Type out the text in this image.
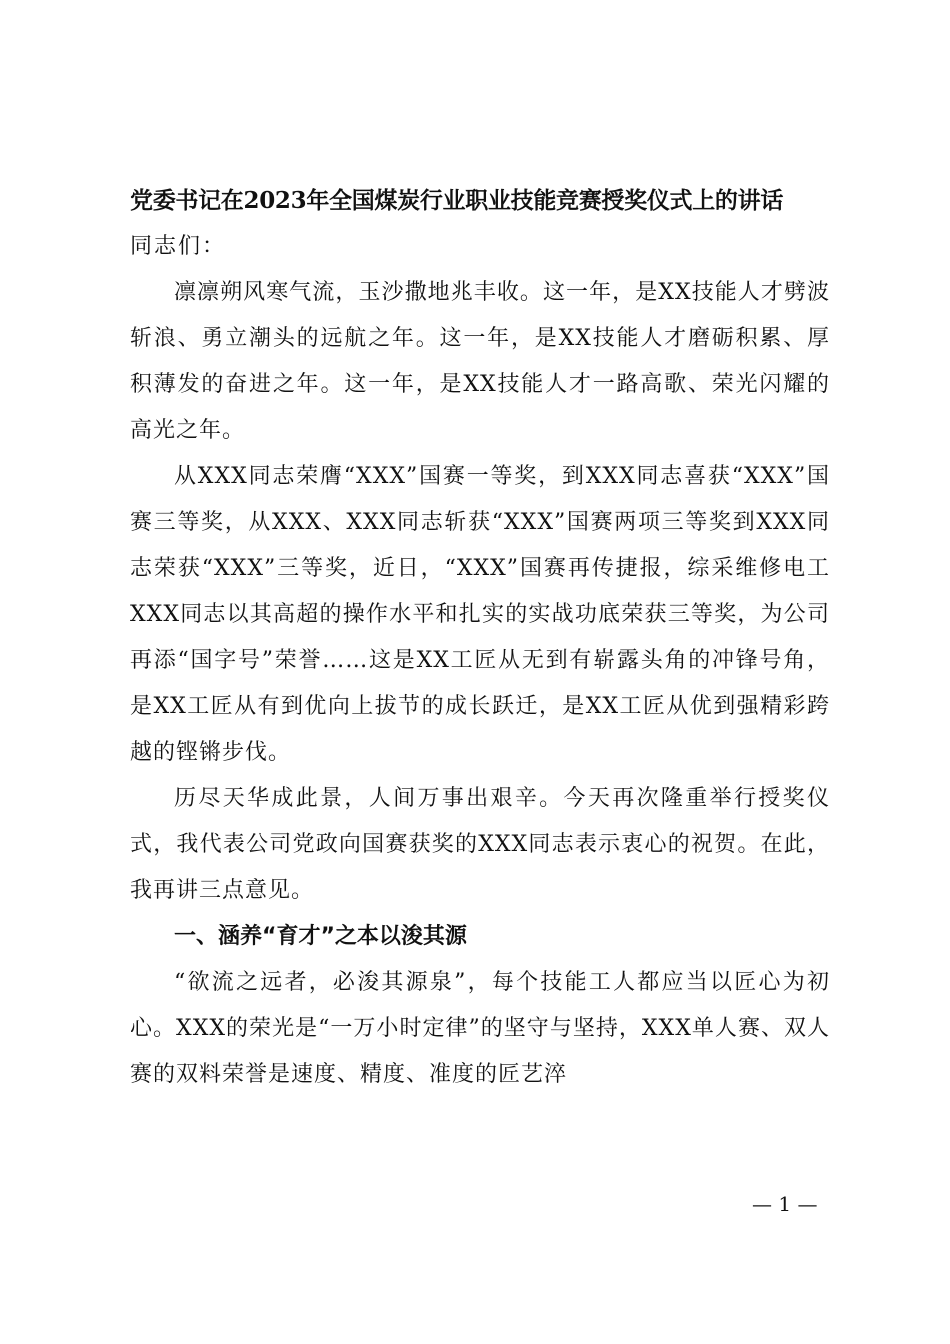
党委书记在2023年全国煤炭行业职业技能竞赛授奖仪式上的讲话

同志们：

凛凛朔风寒气流，玉沙撒地兆丰收。这一年，是XX技能人才劈波斩浪、勇立潮头的远航之年。这一年，是XX技能人才磨砺积累、厚积薄发的奋进之年。这一年，是XX技能人才一路高歌、荣光闪耀的高光之年。

从XXX同志荣膺“XXX”国赛一等奖，到XXX同志喜获“XXX”国赛三等奖，从XXX、XXX同志斩获“XXX”国赛两项三等奖到XXX同志荣获“XXX”三等奖，近日，“XXX”国赛再传捷报，综采维修电工XXX同志以其高超的操作水平和扎实的实战功底荣获三等奖，为公司再添“国字号”荣誉……这是XX工匠从无到有崭露头角的冲锋号角，是XX工匠从有到优向上拔节的成长跃迁，是XX工匠从优到强精彩跨越的铿锵步伐。

历尽天华成此景，人间万事出艰辛。今天再次隆重举行授奖仪式，我代表公司党政向国赛获奖的XXX同志表示衷心的祝贺。在此，我再讲三点意见。

一、涵养“育才”之本以浚其源

“欲流之远者，必浚其源泉”，每个技能工人都应当以匠心为初心。XXX的荣光是“一万小时定律”的坚守与坚持，XXX单人赛、双人赛的双料荣誉是速度、精度、准度的匠艺淬

— 1 —
